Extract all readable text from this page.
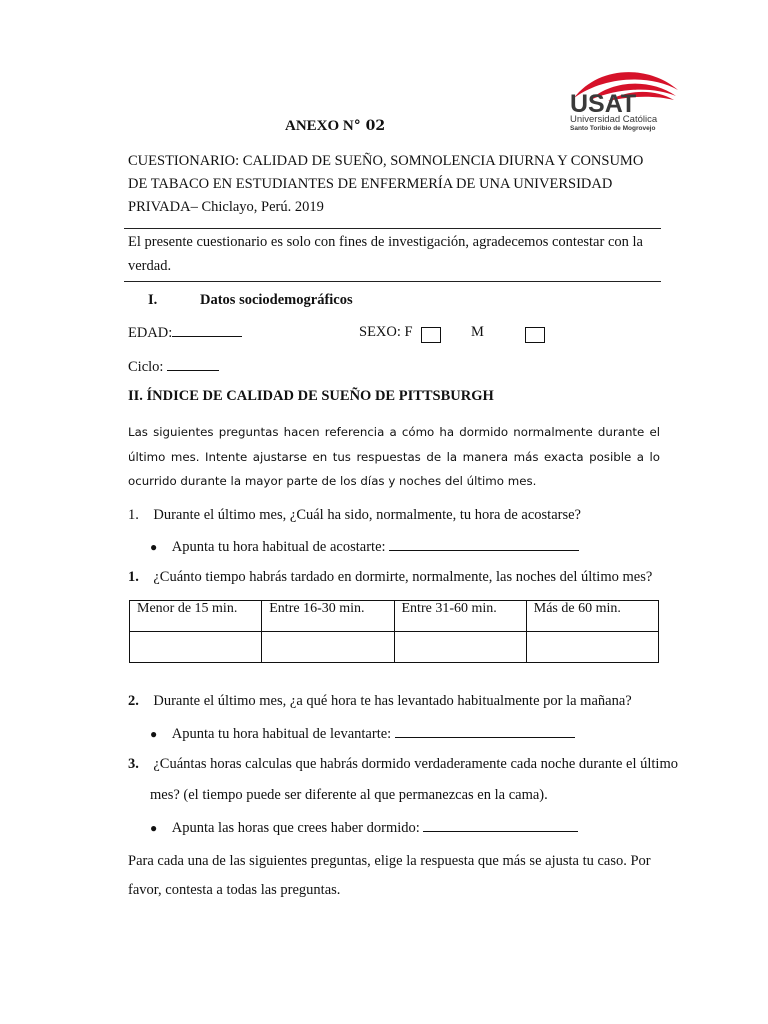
USAT
Universidad Católica
Santo Toribio de Mogrovejo
ANEXO N° 02
CUESTIONARIO: CALIDAD DE SUEÑO, SOMNOLENCIA DIURNA Y CONSUMO DE TABACO EN ESTUDIANTES DE ENFERMERÍA DE UNA UNIVERSIDAD PRIVADA– Chiclayo, Perú. 2019
El presente cuestionario es solo con fines de investigación, agradecemos contestar con la verdad.
I.	Datos sociodemográficos
EDAD:	SEXO: F	M
Ciclo:
II. ÍNDICE DE CALIDAD DE SUEÑO DE PITTSBURGH
Las siguientes preguntas hacen referencia a cómo ha dormido normalmente durante el último mes. Intente ajustarse en tus respuestas de la manera más exacta posible a lo ocurrido durante la mayor parte de los días y noches del último mes.
1. Durante el último mes, ¿Cuál ha sido, normalmente, tu hora de acostarse?
● Apunta tu hora habitual de acostarte:
1. ¿Cuánto tiempo habrás tardado en dormirte, normalmente, las noches del último mes?
Menor de 15 min.	Entre 16-30 min.	Entre 31-60 min.	Más de 60 min.

2. Durante el último mes, ¿a qué hora te has levantado habitualmente por la mañana?
● Apunta tu hora habitual de levantarte:
3. ¿Cuántas horas calculas que habrás dormido verdaderamente cada noche durante el último
mes? (el tiempo puede ser diferente al que permanezcas en la cama).
● Apunta las horas que crees haber dormido:
Para cada una de las siguientes preguntas, elige la respuesta que más se ajusta tu caso. Por favor, contesta a todas las preguntas.
